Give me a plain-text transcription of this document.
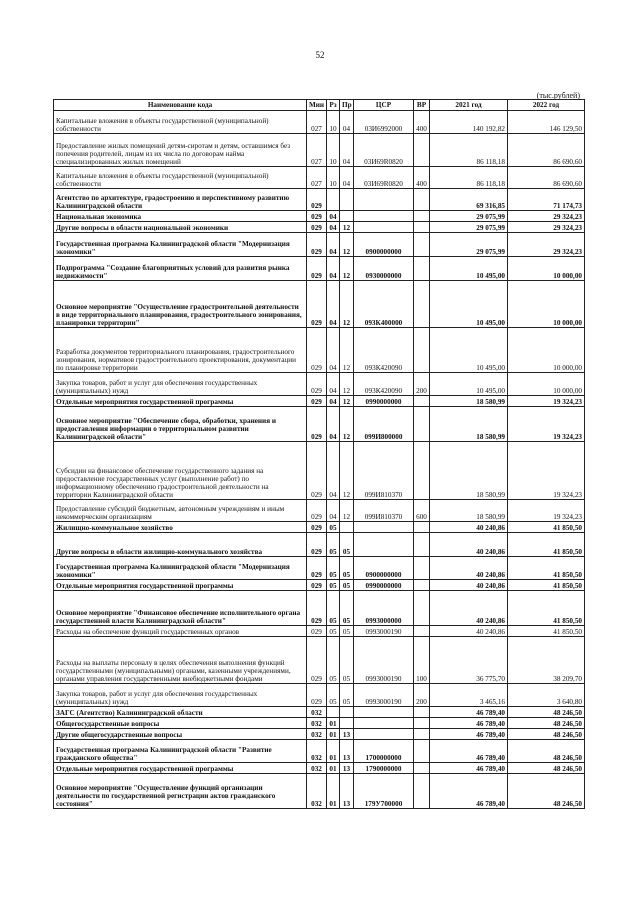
52
(тыс.рублей)
Наименование кода	Мин	Рз	Пр	ЦСР	ВР	2021 год	2022 год
Капитальные вложения в объекты государственной (муниципальной) собственности	027	10	04	03И6992000	400	140 192,82	146 129,50
Предоставление жилых помещений детям-сиротам и детям, оставшимся без попечения родителей, лицам из их числа по договорам найма специализированных жилых помещений	027	10	04	03И69R0820		86 118,18	86 690,60
Капитальные вложения в объекты государственной (муниципальной) собственности	027	10	04	03И69R0820	400	86 118,18	86 690,60
Агентство по архитектуре, градостроению и перспективному развитию Калининградской области	029					69 316,85	71 174,73
Национальная экономика	029	04				29 075,99	29 324,23
Другие вопросы в области национальной экономики	029	04	12			29 075,99	29 324,23
Государственная программа Калининградской области "Модернизация экономики"	029	04	12	0900000000		29 075,99	29 324,23
Подпрограмма "Создание благоприятных условий для развития рынка недвижимости"	029	04	12	0930000000		10 495,00	10 000,00
Основное мероприятие "Осуществление градостроительной деятельности в виде территориального планирования, градостроительного зонирования, планировки территории"	029	04	12	093К400000		10 495,00	10 000,00
Разработка документов территориального планирования, градостроительного зонирования, нормативов градостроительного проектирования, документации по планировке территории	029	04	12	093К420090		10 495,00	10 000,00
Закупка товаров, работ и услуг для обеспечения государственных (муниципальных) нужд	029	04	12	093К420090	200	10 495,00	10 000,00
Отдельные мероприятия государственной программы	029	04	12	0990000000		18 580,99	19 324,23
Основное мероприятие "Обеспечение сбора, обработки, хранения и предоставления информации о территориальном развитии Калининградской области"	029	04	12	099И800000		18 580,99	19 324,23
Субсидии на финансовое обеспечение государственного задания на предоставление государственных услуг (выполнение работ) по информационному обеспечению градостроительной деятельности на территории Калининградской области	029	04	12	099И810370		18 580,99	19 324,23
Предоставление субсидий бюджетным, автономным учреждениям и иным некоммерческим организациям	029	04	12	099И810370	600	18 580,99	19 324,23
Жилищно-коммунальное хозяйство	029	05				40 240,86	41 850,50
Другие вопросы в области жилищно-коммунального хозяйства	029	05	05			40 240,86	41 850,50
Государственная программа Калининградской области "Модернизация экономики"	029	05	05	0900000000		40 240,86	41 850,50
Отдельные мероприятия государственной программы	029	05	05	0990000000		40 240,86	41 850,50
Основное мероприятие "Финансовое обеспечение исполнительного органа государственной власти Калининградской области"	029	05	05	0993000000		40 240,86	41 850,50
Расходы на обеспечение функций государственных органов	029	05	05	0993000190		40 240,86	41 850,50
Расходы на выплаты персоналу в целях обеспечения выполнения функций государственными (муниципальными) органами, казенными учреждениями, органами управления государственными внебюджетными фондами	029	05	05	0993000190	100	36 775,70	38 209,70
Закупка товаров, работ и услуг для обеспечения государственных (муниципальных) нужд	029	05	05	0993000190	200	3 465,16	3 640,80
ЗАГС (Агентство) Калининградской области	032					46 789,40	48 246,50
Общегосударственные вопросы	032	01				46 789,40	48 246,50
Другие общегосударственные вопросы	032	01	13			46 789,40	48 246,50
Государственная программа Калининградской области "Развитие гражданского общества"	032	01	13	1700000000		46 789,40	48 246,50
Отдельные мероприятия государственной программы	032	01	13	1790000000		46 789,40	48 246,50
Основное мероприятие "Осуществление функций организации деятельности по государственной регистрации актов гражданского состояния"	032	01	13	179У700000		46 789,40	48 246,50
